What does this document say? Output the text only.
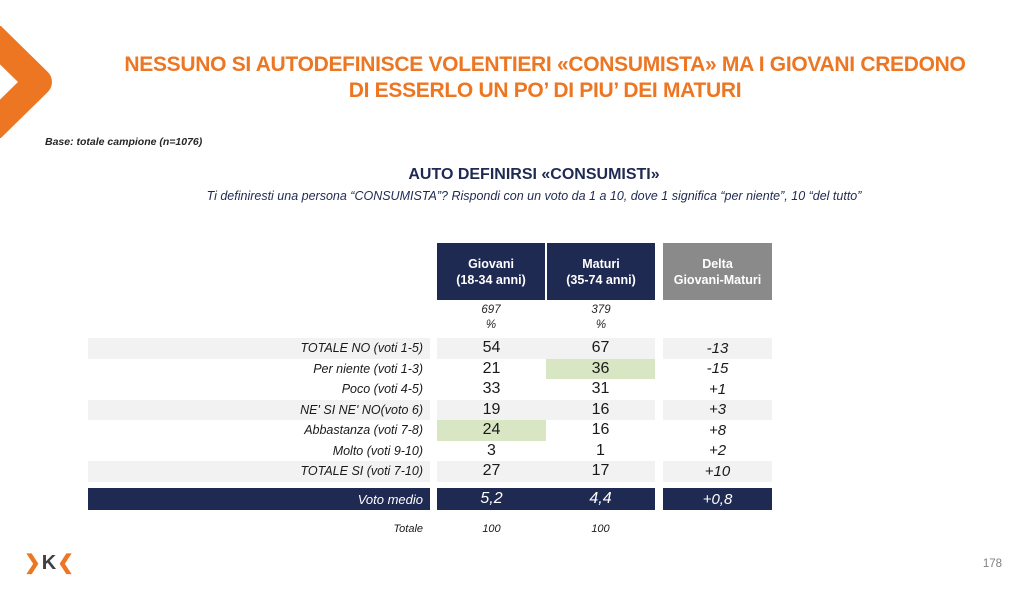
NESSUNO SI AUTODEFINISCE VOLENTIERI «CONSUMISTA» MA I GIOVANI CREDONO
DI ESSERLO UN PO’ DI PIU’ DEI MATURI
Base: totale campione (n=1076)
AUTO DEFINIRSI «CONSUMISTI»
Ti definiresti una persona “CONSUMISTA”? Rispondi con un voto da 1 a 10, dove 1 significa “per niente”, 10 “del tutto”
Giovani
(18-34 anni)
Maturi
(35-74 anni)
Delta
Giovani-Maturi
697
%
379
%
TOTALE NO (voti 1-5)	54	67	-13
Per niente (voti 1-3)	21	36	-15
Poco (voti 4-5)	33	31	+1
NE' SI NE' NO(voto 6)	19	16	+3
Abbastanza (voti 7-8)	24	16	+8
Molto (voti 9-10)	3	1	+2
TOTALE SI (voti 7-10)	27	17	+10
Voto medio	5,2	4,4	+0,8
Totale	100	100
❯K❮	178
